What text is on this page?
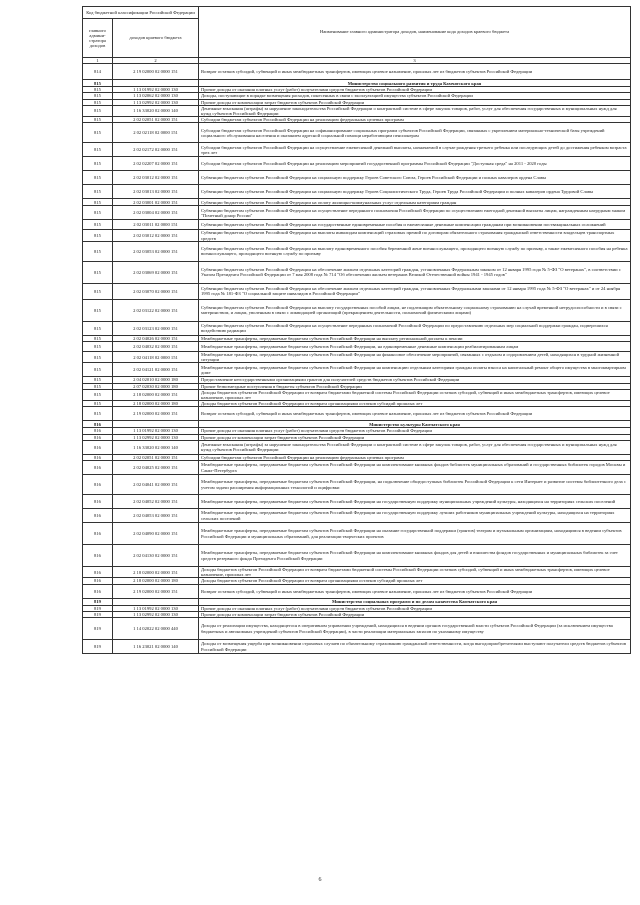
Код бюджетной классификации Российской Федерации		Наименование главного администратора доходов, наименование кода доходов краевого бюджета
главного админи-стратора доходов	доходов краевого бюджета	
1	2	3
814	2 19 02000 02 0000 151	Возврат остатков субсидий, субвенций и иных межбюджетных трансфертов, имеющих целевое назначение, прошлых лет из бюджетов субъектов Российской Федерации
815		Министерство социального развития и труда Камчатского края
815	1 13 01992 02 0000 130	Прочие доходы от оказания платных услуг (работ) получателями средств бюджетов субъектов Российской Федерации
815	1 13 02062 02 0000 130	Доходы, поступающие в порядке возмещения расходов, понесенных в связи с эксплуатацией имущества субъектов Российской Федерации
815	1 13 02992 02 0000 130	Прочие доходы от компенсации затрат бюджетов субъектов Российской Федерации
815	1 16 33020 02 0000 140	Денежные взыскания (штрафы) за нарушение законодательства Российской Федерации о контрактной системе в сфере закупок товаров, работ, услуг для обеспечения государственных и муниципальных нужд для нужд субъектов Российской Федерации
815	2 02 02051 02 0000 151	Субсидии бюджетам субъектов Российской Федерации на реализацию федеральных целевых программ
815	2 02 02118 02 0000 151	Субсидии бюджетам субъектов Российской Федерации на софинансирование социальных программ субъектов Российской Федерации, связанных с укреплением материально-технической базы учреждений социального обслуживания населения и оказанием адресной социальной помощи неработающим пенсионерам
815	2 02 02172 02 0000 151	Субсидии бюджетам субъектов Российской Федерации на осуществление ежемесячной денежной выплаты, назначаемой в случае рождения третьего ребенка или последующих детей до достижения ребенком возраста трех лет
815	2 02 02207 02 0000 151	Субсидии бюджетам субъектов Российской Федерации на реализацию мероприятий государственной программы Российской Федерации "Доступная среда" на 2011 - 2020 годы
815	2 02 03012 02 0000 151	Субвенции бюджетам субъектов Российской Федерации на социальную поддержку Героев Советского Союза, Героев Российской Федерации и полных кавалеров ордена Славы
815	2 02 03013 02 0000 151	Субвенции бюджетам субъектов Российской Федерации на социальную поддержку Героев Социалистического Труда, Героев Труда Российской Федерации и полных кавалеров ордена Трудовой Славы
815	2 02 03001 02 0000 151	Субвенции бюджетам субъектов Российской Федерации на оплату жилищно-коммунальных услуг отдельным категориям граждан
815	2 02 03004 02 0000 151	Субвенции бюджетам субъектов Российской Федерации на осуществление переданного полномочия Российской Федерации по осуществлению ежегодной денежной выплаты лицам, награжденным нагрудным знаком "Почетный донор России"
815	2 02 03011 02 0000 151	Субвенции бюджетам субъектов Российской Федерации на государственные единовременные пособия и ежемесячные денежные компенсации гражданам при возникновении поствакцинальных осложнений
815	2 02 03012 02 0000 151	Субвенции бюджетам субъектов Российской Федерации на выплаты инвалидам компенсаций страховых премий по договорам обязательного страхования гражданской ответственности владельцев транспортных средств
815	2 02 03053 02 0000 151	Субвенции бюджетам субъектов Российской Федерации на выплату единовременного пособия беременной жене военнослужащего, проходящего военную службу по призыву, а также ежемесячного пособия на ребенка военнослужащего, проходящего военную службу по призыву
815	2 02 03069 02 0000 151	Субвенции бюджетам субъектов Российской Федерации на обеспечение жильем отдельных категорий граждан, установленных Федеральным законом от 12 января 1995 года № 5-ФЗ "О ветеранах", в соответствии с Указом Президента Российской Федерации от 7 мая 2008 года № 714 "Об обеспечении жильем ветеранов Великой Отечественной войны 1941 - 1945 годов"
815	2 02 03070 02 0000 151	Субвенции бюджетам субъектов Российской Федерации на обеспечение жильем отдельных категорий граждан, установленных Федеральными законами от 12 января 1995 года № 5-ФЗ "О ветеранах" и от 24 ноября 1995 года № 181-ФЗ "О социальной защите инвалидов в Российской Федерации"
815	2 02 03122 02 0000 151	Субвенции бюджетам субъектов Российской Федерации на выплату государственных пособий лицам, не подлежащим обязательному социальному страхованию на случай временной нетрудоспособности и в связи с материнством, и лицам, уволенным в связи с ликвидацией организаций (прекращением деятельности, полномочий физическими лицами)
815	2 02 03123 02 0000 151	Субвенции бюджетам субъектов Российской Федерации на осуществление переданных полномочий Российской Федерации по предоставлению отдельных мер социальной поддержки граждан, подвергшихся воздействию радиации
815	2 02 04026 02 0000 151	Межбюджетные трансферты, передаваемые бюджетам субъектов Российской Федерации на выплату региональной доплаты к пенсии
815	2 02 04032 02 0000 151	Межбюджетные трансферты, передаваемые бюджетам субъектов Российской Федерации, на единовременные денежные компенсации реабилитированным лицам
815	2 02 04118 02 0000 151	Межбюджетные трансферты, передаваемые бюджетам субъектов Российской Федерации на финансовое обеспечение мероприятий, связанных с отдыхом и оздоровлением детей, находящихся в трудной жизненной ситуации
815	2 02 04121 02 0000 151	Межбюджетные трансферты, передаваемые бюджетам субъектов Российской Федерации на компенсацию отдельным категориям граждан оплаты взноса на капитальный ремонт общего имущества в многоквартирном доме
815	2 04 02010 02 0000 180	Предоставление негосударственными организациями грантов для получателей средств бюджетов субъектов Российской Федерации
815	2 07 02030 02 0000 180	Прочие безвозмездные поступления в бюджеты субъектов Российской Федерации
815	2 18 02000 02 0000 151	Доходы бюджетов субъектов Российской Федерации от возврата бюджетами бюджетной системы Российской Федерации остатков субсидий, субвенций и иных межбюджетных трансфертов, имеющих целевое назначение, прошлых лет
815	2 18 02000 02 0000 180	Доходы бюджетов субъектов Российской Федерации от возврата организациями остатков субсидий прошлых лет
815	2 19 02000 02 0000 151	Возврат остатков субсидий, субвенций и иных межбюджетных трансфертов, имеющих целевое назначение, прошлых лет из бюджетов субъектов Российской Федерации
816		Министерство культуры Камчатского края
816	1 13 01992 02 0000 130	Прочие доходы от оказания платных услуг (работ) получателями средств бюджетов субъектов Российской Федерации
816	1 13 02992 02 0000 130	Прочие доходы от компенсации затрат бюджетов субъектов Российской Федерации
816	1 16 33020 02 0000 140	Денежные взыскания (штрафы) за нарушение законодательства Российской Федерации о контрактной системе в сфере закупок товаров, работ, услуг для обеспечения государственных и муниципальных нужд для нужд субъектов Российской Федерации
816	2 02 02051 02 0000 151	Субсидии бюджетам субъектов Российской Федерации на реализацию федеральных целевых программ
816	2 02 04025 02 0000 151	Межбюджетные трансферты, передаваемые бюджетам субъектов Российской Федерации на комплектование книжных фондов библиотек муниципальных образований и государственных библиотек городов Москвы и Санкт-Петербурга
816	2 02 04041 02 0000 151	Межбюджетные трансферты, передаваемые бюджетам субъектов Российской Федерации, на подключение общедоступных библиотек Российской Федерации к сети Интернет и развитие системы библиотечного дела с учетом задачи расширения информационных технологий и оцифровки
816	2 02 04052 02 0000 151	Межбюджетные трансферты, передаваемые бюджетам субъектов Российской Федерации на государственную поддержку муниципальных учреждений культуры, находящихся на территориях сельских поселений
816	2 02 04053 02 0000 151	Межбюджетные трансферты, передаваемые бюджетам субъектов Российской Федерации на государственную поддержку лучших работников муниципальных учреждений культуры, находящихся на территориях сельских поселений
816	2 02 04090 02 0000 151	Межбюджетные трансферты, передаваемые бюджетам субъектов Российской Федерации на оказание государственной поддержки (грантов) театрам и музыкальным организациям, находящимся в ведении субъектов Российской Федерации и муниципальных образований, для реализации творческих проектов
816	2 02 04130 02 0000 151	Межбюджетные трансферты, передаваемые бюджетам субъектов Российской Федерации на комплектование книжных фондов для детей и юношества фондов государственных и муниципальных библиотек за счет средств резервного фонда Президента Российской Федерации
816	2 18 02000 02 0000 151	Доходы бюджетов субъектов Российской Федерации от возврата бюджетами бюджетной системы Российской Федерации остатков субсидий, субвенций и иных межбюджетных трансфертов, имеющих целевое назначение, прошлых лет
816	2 18 02000 02 0000 180	Доходы бюджетов субъектов Российской Федерации от возврата организациями остатков субсидий прошлых лет
816	2 19 02000 02 0000 151	Возврат остатков субсидий, субвенций и иных межбюджетных трансфертов, имеющих целевое назначение, прошлых лет из бюджетов субъектов Российской Федерации
819		Министерство социальных программ и по делам казачества Камчатского края
819	1 13 01992 02 0000 130	Прочие доходы от оказания платных услуг (работ) получателями средств бюджетов субъектов Российской Федерации
819	1 13 02992 02 0000 130	Прочие доходы от компенсации затрат бюджетов субъектов Российской Федерации
819	1 14 02022 02 0000 440	Доходы от реализации имущества, находящегося в оперативном управлении учреждений, находящихся в ведении органов государственной власти субъектов Российской Федерации (за исключением имущества бюджетных и автономных учреждений субъектов Российской Федерации), в части реализации материальных запасов по указанному имуществу
819	1 16 23021 02 0000 140	Доходы от возмещения ущерба при возникновении страховых случаев по обязательному страхованию гражданской ответственности, когда выгодоприобретателями выступают получатели средств бюджетов субъектов Российской Федерации
6
